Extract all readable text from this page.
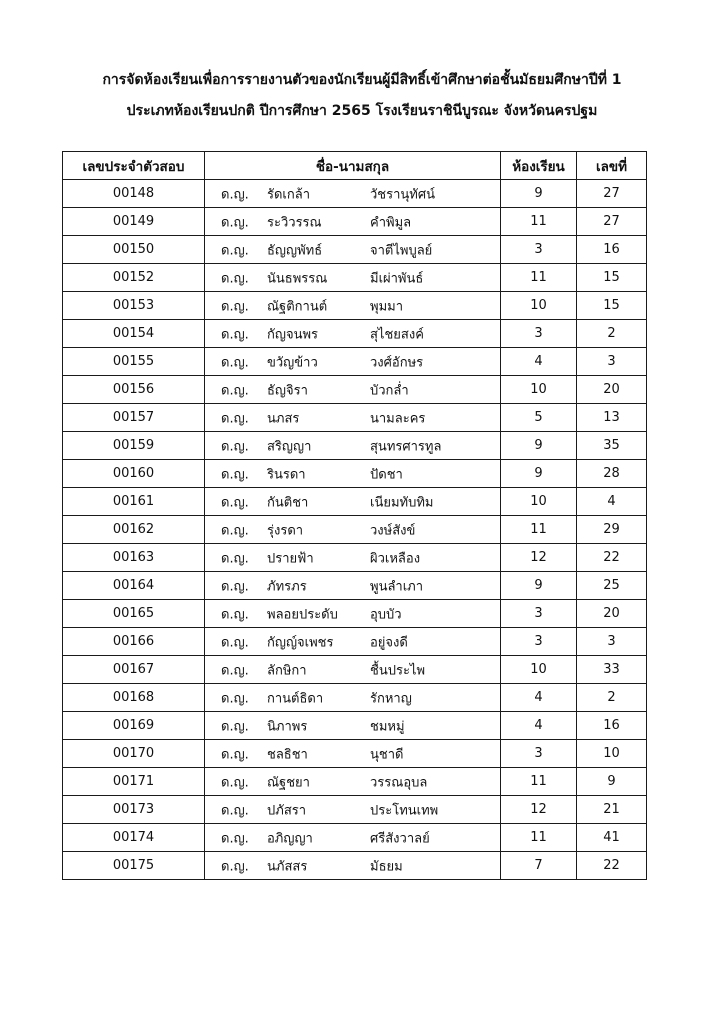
การจัดห้องเรียนเพื่อการรายงานตัวของนักเรียนผู้มีสิทธิ์เข้าศึกษาต่อชั้นมัธยมศึกษาปีที่ 1
ประเภทห้องเรียนปกติ ปีการศึกษา 2565 โรงเรียนราชินีบูรณะ จังหวัดนครปฐม
เลขประจำตัวสอบ	ชื่อ-นามสกุล	ห้องเรียน	เลขที่
00148	ด.ญ. รัดเกล้า วัชรานุทัศน์	9	27
00149	ด.ญ. ระวิวรรณ คำพิมูล	11	27
00150	ด.ญ. ธัญญพัทธ์ จาตีไพบูลย์	3	16
00152	ด.ญ. นันธพรรณ มีเผ่าพันธ์	11	15
00153	ด.ญ. ณัฐติกานต์ พุมมา	10	15
00154	ด.ญ. กัญจนพร สุไชยสงค์	3	2
00155	ด.ญ. ขวัญข้าว วงศ์อักษร	4	3
00156	ด.ญ. ธัญจิรา บัวกล่ำ	10	20
00157	ด.ญ. นภสร นามละคร	5	13
00159	ด.ญ. สริญญา สุนทรศารทูล	9	35
00160	ด.ญ. รินรดา ปัดชา	9	28
00161	ด.ญ. กันติชา เนียมทับทิม	10	4
00162	ด.ญ. รุ่งรดา วงษ์สังข์	11	29
00163	ด.ญ. ปรายฟ้า ผิวเหลือง	12	22
00164	ด.ญ. ภัทรภร พูนลำเภา	9	25
00165	ด.ญ. พลอยประดับ อุบบัว	3	20
00166	ด.ญ. กัญญ์จเพชร อยู่จงดี	3	3
00167	ด.ญ. ลักษิกา ชื้นประไพ	10	33
00168	ด.ญ. กานต์ธิดา รักหาญ	4	2
00169	ด.ญ. นิภาพร ชมหมู่	4	16
00170	ด.ญ. ชลธิชา นุชาดี	3	10
00171	ด.ญ. ณัฐชยา วรรณอุบล	11	9
00173	ด.ญ. ปภัสรา ประโทนเทพ	12	21
00174	ด.ญ. อภิญญา ศรีสังวาลย์	11	41
00175	ด.ญ. นภัสสร มัธยม	7	22
